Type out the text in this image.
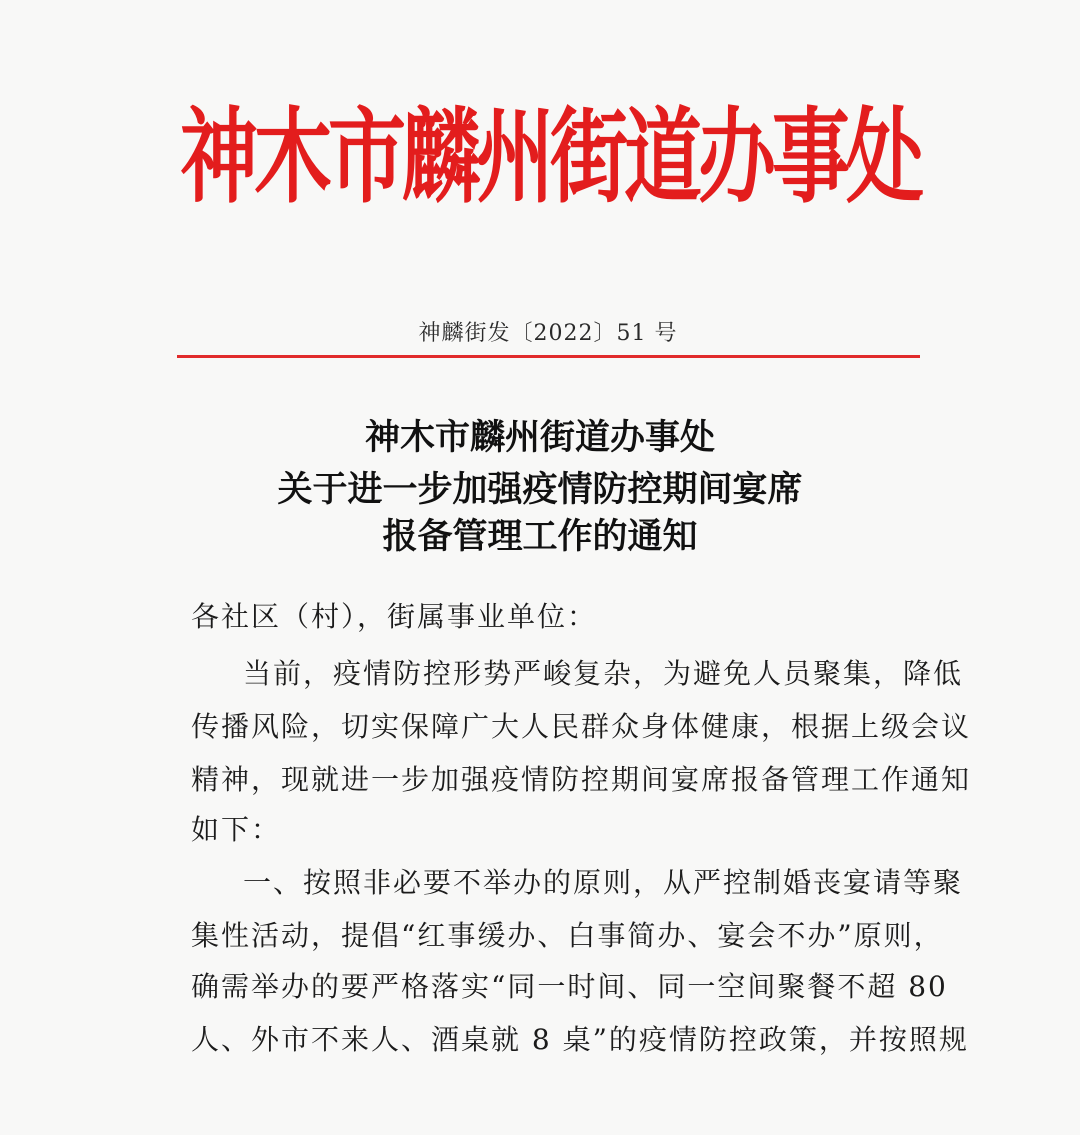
神木市麟州街道办事处
神麟街发〔2022〕51 号
神木市麟州街道办事处
关于进一步加强疫情防控期间宴席
报备管理工作的通知
各社区（村），街属事业单位：
当前，疫情防控形势严峻复杂，为避免人员聚集，降低
传播风险，切实保障广大人民群众身体健康，根据上级会议
精神，现就进一步加强疫情防控期间宴席报备管理工作通知
如下：
一、按照非必要不举办的原则，从严控制婚丧宴请等聚
集性活动，提倡“红事缓办、白事简办、宴会不办”原则，
确需举办的要严格落实“同一时间、同一空间聚餐不超 80
人、外市不来人、酒桌就 8 桌”的疫情防控政策，并按照规
